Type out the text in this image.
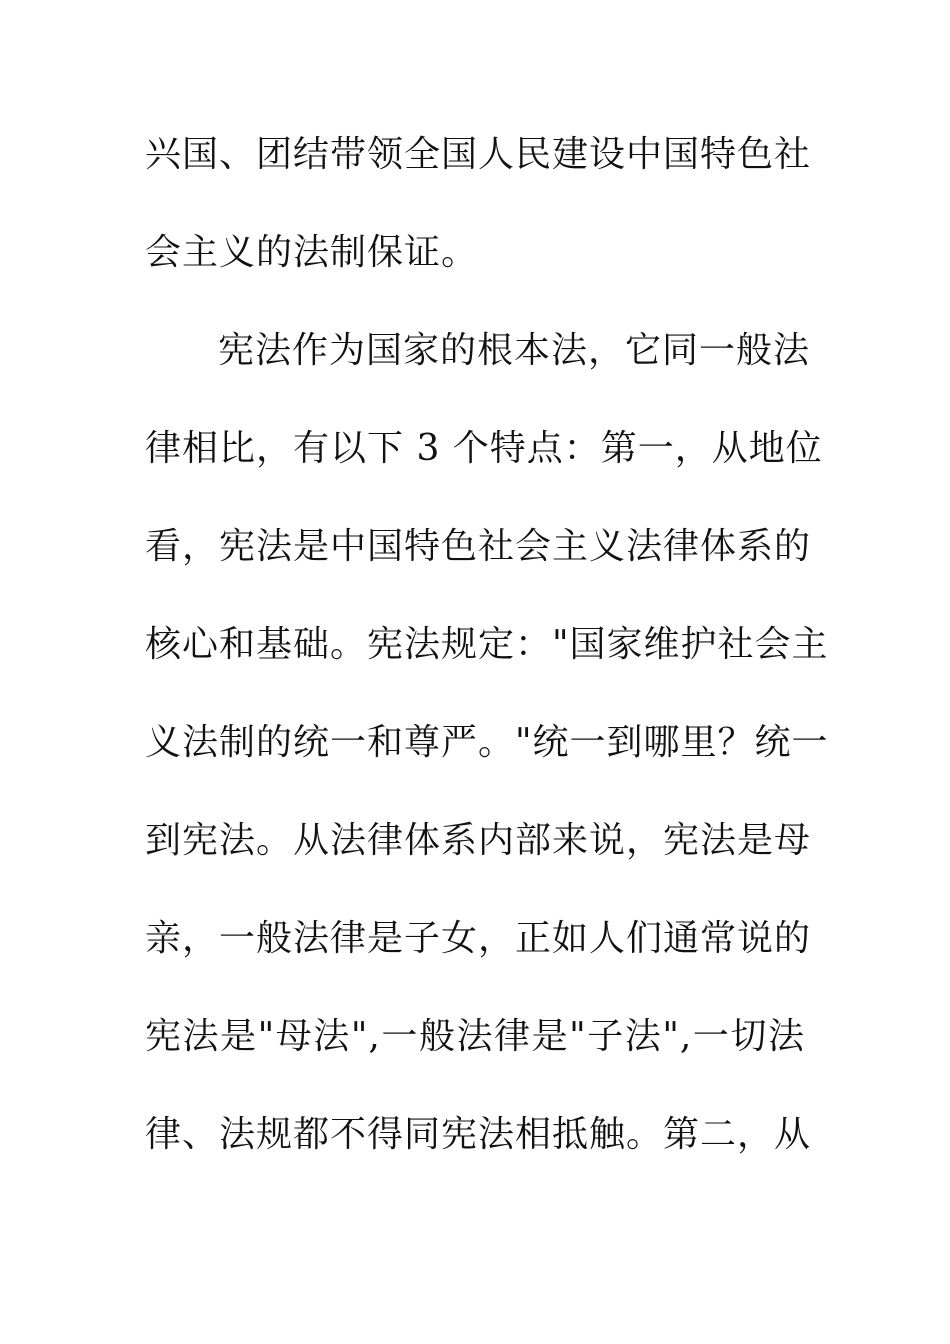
兴国、团结带领全国人民建设中国特色社
会主义的法制保证。
宪法作为国家的根本法，它同一般法
律相比，有以下 3 个特点：第一，从地位
看，宪法是中国特色社会主义法律体系的
核心和基础。宪法规定："国家维护社会主
义法制的统一和尊严。"统一到哪里？统一
到宪法。从法律体系内部来说，宪法是母
亲，一般法律是子女，正如人们通常说的
宪法是"母法",一般法律是"子法",一切法
律、法规都不得同宪法相抵触。第二，从
